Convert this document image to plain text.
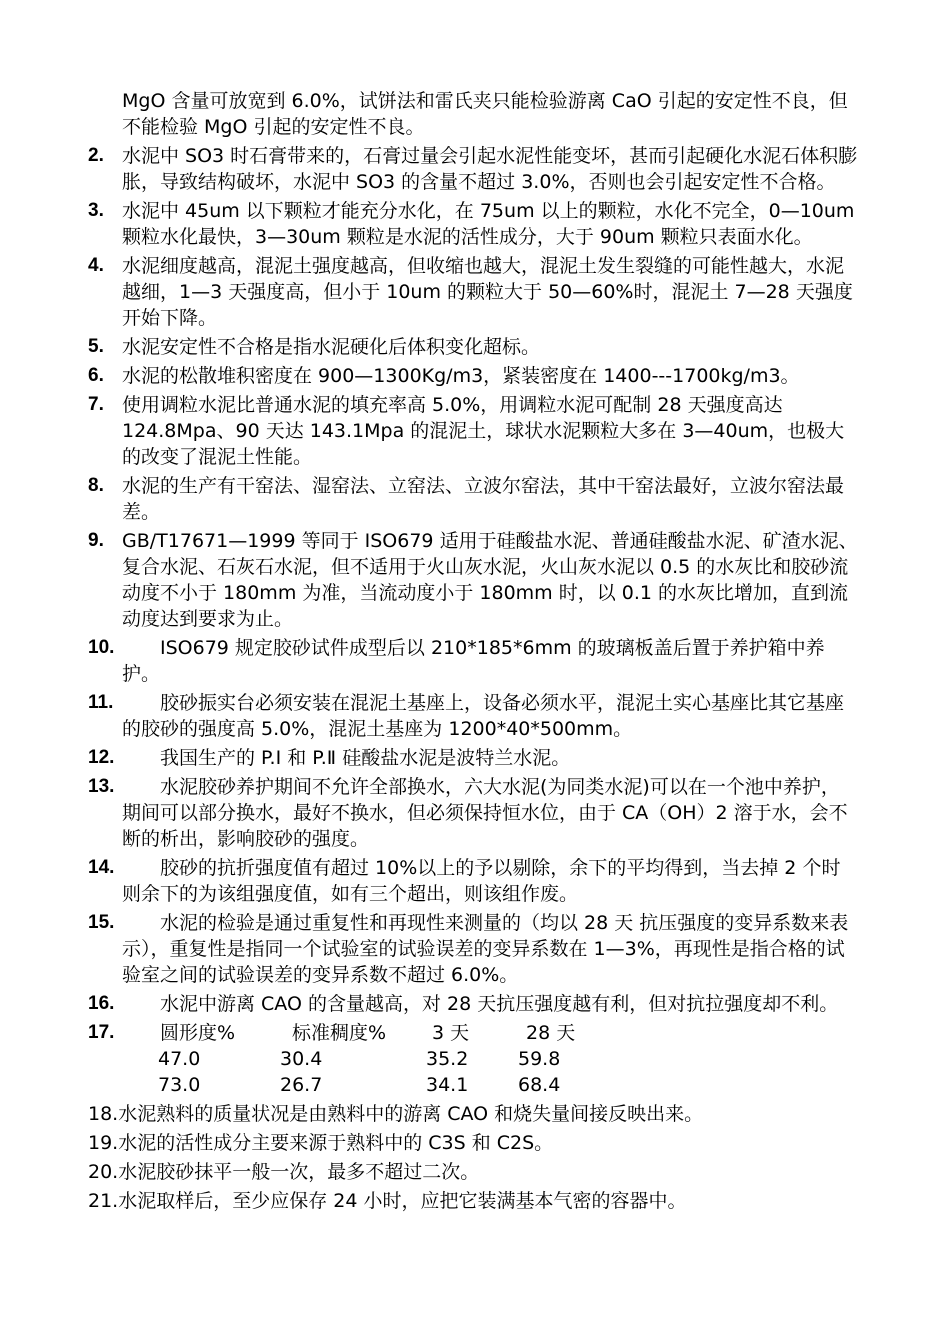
MgO 含量可放宽到 6.0%，试饼法和雷氏夹只能检验游离 CaO 引起的安定性不良，但不能检验 MgO 引起的安定性不良。

2. 水泥中 SO3 时石膏带来的，石膏过量会引起水泥性能变坏，甚而引起硬化水泥石体积膨胀，导致结构破坏，水泥中 SO3 的含量不超过 3.0%，否则也会引起安定性不合格。
3. 水泥中 45um 以下颗粒才能充分水化，在 75um 以上的颗粒，水化不完全，0—10um 颗粒水化最快，3—30um 颗粒是水泥的活性成分，大于 90um 颗粒只表面水化。
4. 水泥细度越高，混泥土强度越高，但收缩也越大，混泥土发生裂缝的可能性越大，水泥越细，1—3 天强度高，但小于 10um 的颗粒大于 50—60%时，混泥土 7—28 天强度开始下降。
5. 水泥安定性不合格是指水泥硬化后体积变化超标。
6. 水泥的松散堆积密度在 900—1300Kg/m3，紧装密度在 1400---1700kg/m3。
7. 使用调粒水泥比普通水泥的填充率高 5.0%，用调粒水泥可配制 28 天强度高达 124.8Mpa、90 天达 143.1Mpa 的混泥土，球状水泥颗粒大多在 3—40um，也极大的改变了混泥土性能。
8. 水泥的生产有干窑法、湿窑法、立窑法、立波尔窑法，其中干窑法最好，立波尔窑法最差。
9. GB/T17671—1999 等同于 ISO679 适用于硅酸盐水泥、普通硅酸盐水泥、矿渣水泥、复合水泥、石灰石水泥，但不适用于火山灰水泥，火山灰水泥以 0.5 的水灰比和胶砂流动度不小于 180mm 为准，当流动度小于 180mm 时，以 0.1 的水灰比增加，直到流动度达到要求为止。
10.	ISO679 规定胶砂试件成型后以 210*185*6mm 的玻璃板盖后置于养护箱中养护。
11.	胶砂振实台必须安装在混泥土基座上，设备必须水平，混泥土实心基座比其它基座的胶砂的强度高 5.0%，混泥土基座为 1200*40*500mm。
12.	我国生产的 P.Ⅰ 和 P.Ⅱ 硅酸盐水泥是波特兰水泥。
13.	水泥胶砂养护期间不允许全部换水，六大水泥(为同类水泥)可以在一个池中养护，期间可以部分换水，最好不换水，但必须保持恒水位，由于 CA（OH）2 溶于水，会不断的析出，影响胶砂的强度。
14.	胶砂的抗折强度值有超过 10%以上的予以剔除，余下的平均得到，当去掉 2 个时则余下的为该组强度值，如有三个超出，则该组作废。
15.	水泥的检验是通过重复性和再现性来测量的（均以 28 天 抗压强度的变异系数来表示），重复性是指同一个试验室的试验误差的变异系数在 1—3%，再现性是指合格的试验室之间的试验误差的变异系数不超过 6.0%。
16.	水泥中游离 CAO 的含量越高，对 28 天抗压强度越有利，但对抗拉强度却不利。
17.	圆形度%	标准稠度%	3 天	28 天
47.0	30.4	35.2	59.8
73.0	26.7	34.1	68.4

18.水泥熟料的质量状况是由熟料中的游离 CAO 和烧失量间接反映出来。

19.水泥的活性成分主要来源于熟料中的 C3S 和 C2S。

20.水泥胶砂抹平一般一次，最多不超过二次。

21.水泥取样后，至少应保存 24 小时，应把它装满基本气密的容器中。
